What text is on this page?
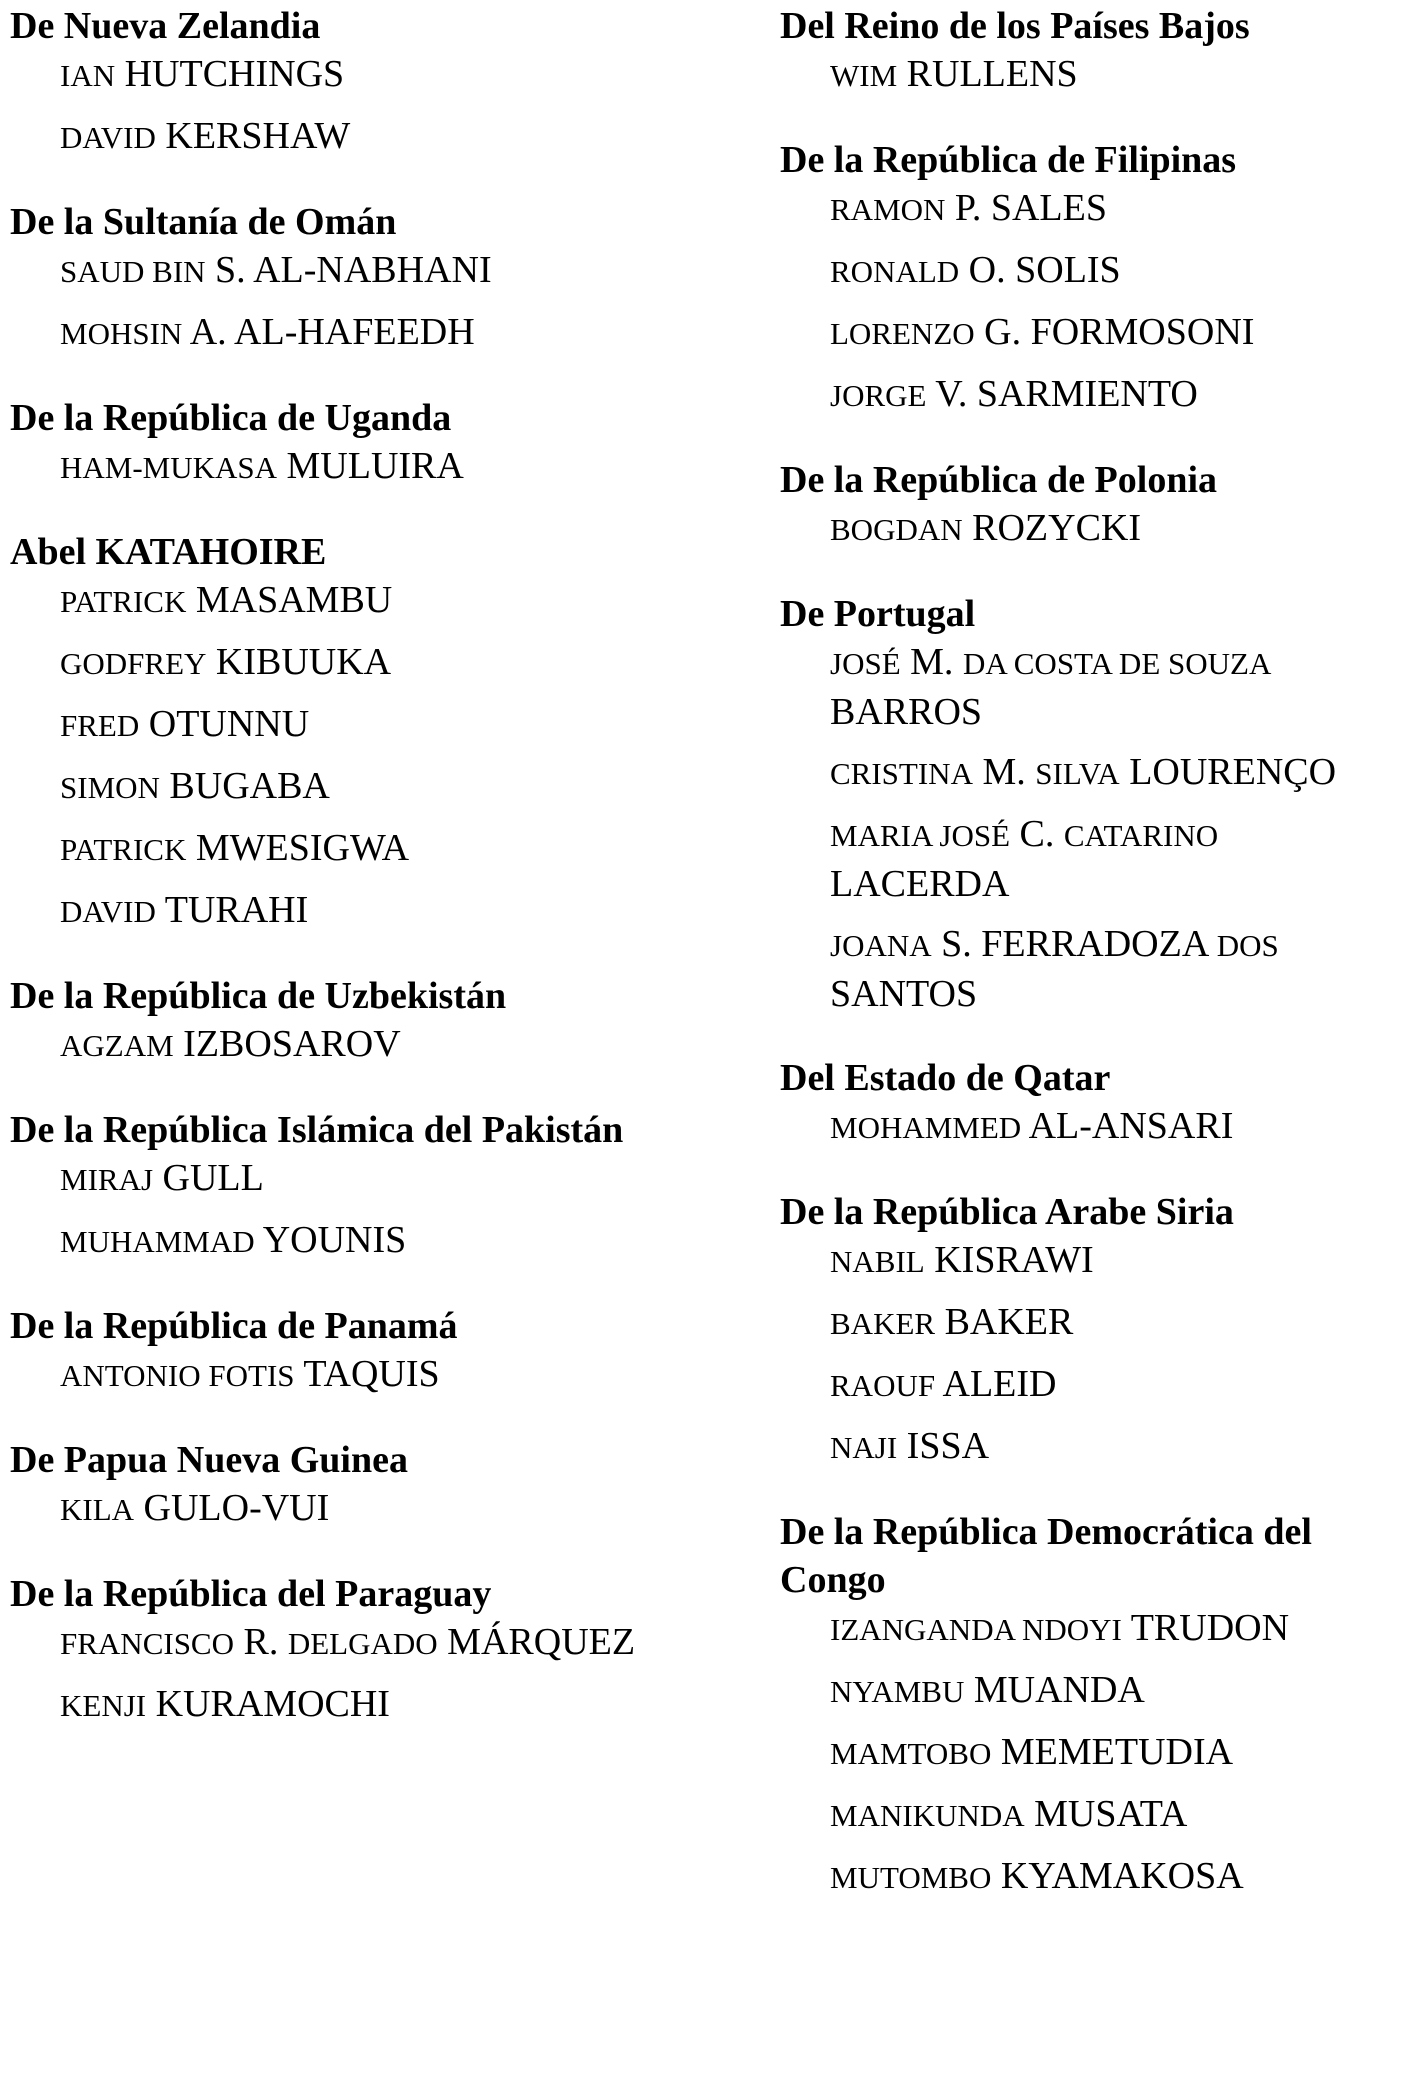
De Nueva Zelandia
IAN HUTCHINGS
DAVID KERSHAW
De la Sultanía de Omán
SAUD BIN S. AL-NABHANI
MOHSIN A. AL-HAFEEDH
De la República de Uganda
HAM-MUKASA MULUIRA
Abel KATAHOIRE
PATRICK MASAMBU
GODFREY KIBUUKA
FRED OTUNNU
SIMON BUGABA
PATRICK MWESIGWA
DAVID TURAHI
De la República de Uzbekistán
AGZAM IZBOSAROV
De la República Islámica del Pakistán
MIRAJ GULL
MUHAMMAD YOUNIS
De la República de Panamá
ANTONIO FOTIS TAQUIS
De Papua Nueva Guinea
KILA GULO-VUI
De la República del Paraguay
FRANCISCO R. DELGADO MÁRQUEZ
KENJI KURAMOCHI
Del Reino de los Países Bajos
WIM RULLENS
De la República de Filipinas
RAMON P. SALES
RONALD O. SOLIS
LORENZO G. FORMOSONI
JORGE V. SARMIENTO
De la República de Polonia
BOGDAN ROZYCKI
De Portugal
JOSÉ M. DA COSTA DE SOUZA BARROS
CRISTINA M. SILVA LOURENÇO
MARIA JOSÉ C. CATARINO LACERDA
JOANA S. FERRADOZA DOS SANTOS
Del Estado de Qatar
MOHAMMED AL-ANSARI
De la República Arabe Siria
NABIL KISRAWI
BAKER BAKER
RAOUF ALEID
NAJI ISSA
De la República Democrática del Congo
IZANGANDA NDOYI TRUDON
NYAMBU MUANDA
MAMTOBO MEMETUDIA
MANIKUNDA MUSATA
MUTOMBO KYAMAKOSA
